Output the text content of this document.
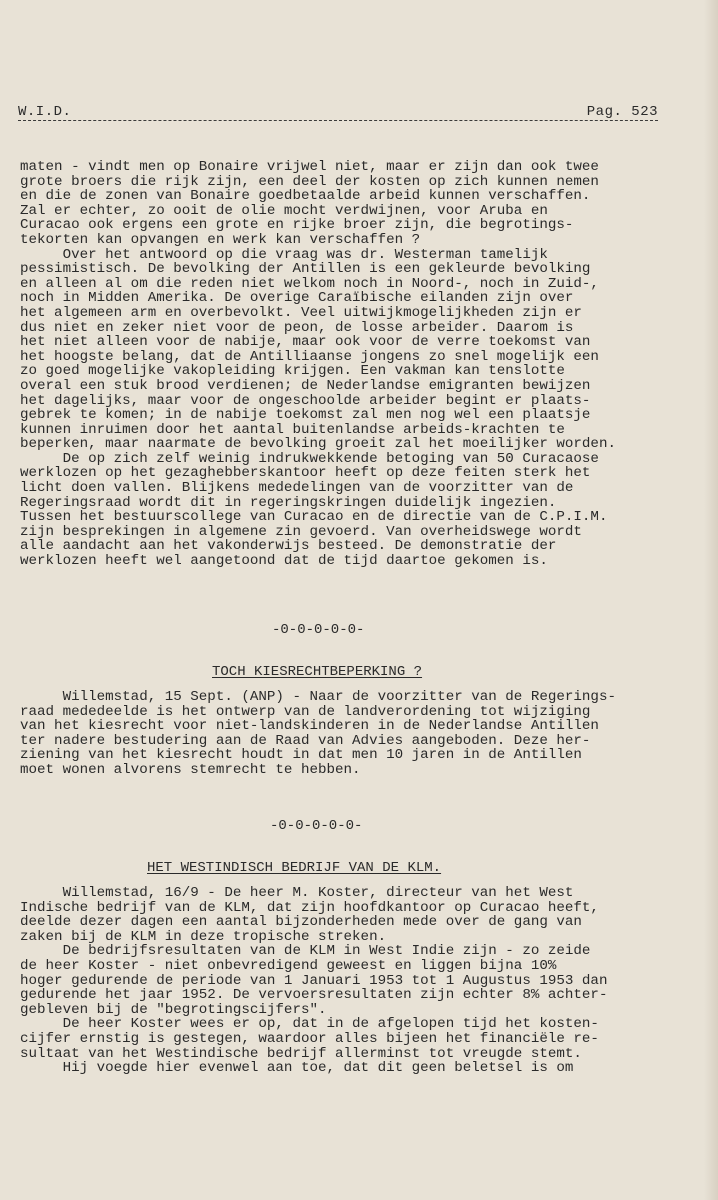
W.I.D.	Pag. 523
maten - vindt men op Bonaire vrijwel niet, maar er zijn dan ook twee
grote broers die rijk zijn, een deel der kosten op zich kunnen nemen
en die de zonen van Bonaire goedbetaalde arbeid kunnen verschaffen.
Zal er echter, zo ooit de olie mocht verdwijnen, voor Aruba en
Curacao ook ergens een grote en rijke broer zijn, die begrotings-
tekorten kan opvangen en werk kan verschaffen ?
Over het antwoord op die vraag was dr. Westerman tamelijk
pessimistisch. De bevolking der Antillen is een gekleurde bevolking
en alleen al om die reden niet welkom noch in Noord-, noch in Zuid-,
noch in Midden Amerika. De overige Caraïbische eilanden zijn over
het algemeen arm en overbevolkt. Veel uitwijkmogelijkheden zijn er
dus niet en zeker niet voor de peon, de losse arbeider. Daarom is
het niet alleen voor de nabije, maar ook voor de verre toekomst van
het hoogste belang, dat de Antilliaanse jongens zo snel mogelijk een
zo goed mogelijke vakopleiding krijgen. Een vakman kan tenslotte
overal een stuk brood verdienen; de Nederlandse emigranten bewijzen
het dagelijks, maar voor de ongeschoolde arbeider begint er plaats-
gebrek te komen; in de nabije toekomst zal men nog wel een plaatsje
kunnen inruimen door het aantal buitenlandse arbeids-krachten te
beperken, maar naarmate de bevolking groeit zal het moeilijker worden.
De op zich zelf weinig indrukwekkende betoging van 50 Curacaose
werklozen op het gezaghebberskantoor heeft op deze feiten sterk het
licht doen vallen. Blijkens mededelingen van de voorzitter van de
Regeringsraad wordt dit in regeringskringen duidelijk ingezien.
Tussen het bestuurscollege van Curacao en de directie van de C.P.I.M.
zijn besprekingen in algemene zin gevoerd. Van overheidswege wordt
alle aandacht aan het vakonderwijs besteed. De demonstratie der
werklozen heeft wel aangetoond dat de tijd daartoe gekomen is.
-0-0-0-0-0-
TOCH KIESRECHTBEPERKING ?
Willemstad, 15 Sept. (ANP) - Naar de voorzitter van de Regerings-
raad mededeelde is het ontwerp van de landverordening tot wijziging
van het kiesrecht voor niet-landskinderen in de Nederlandse Antillen
ter nadere bestudering aan de Raad van Advies aangeboden. Deze her-
ziening van het kiesrecht houdt in dat men 10 jaren in de Antillen
moet wonen alvorens stemrecht te hebben.
-0-0-0-0-0-
HET WESTINDISCH BEDRIJF VAN DE KLM.
Willemstad, 16/9 - De heer M. Koster, directeur van het West
Indische bedrijf van de KLM, dat zijn hoofdkantoor op Curacao heeft,
deelde dezer dagen een aantal bijzonderheden mede over de gang van
zaken bij de KLM in deze tropische streken.
De bedrijfsresultaten van de KLM in West Indie zijn - zo zeide
de heer Koster - niet onbevredigend geweest en liggen bijna 10%
hoger gedurende de periode van 1 Januari 1953 tot 1 Augustus 1953 dan
gedurende het jaar 1952. De vervoersresultaten zijn echter 8% achter-
gebleven bij de "begrotingscijfers".
De heer Koster wees er op, dat in de afgelopen tijd het kosten-
cijfer ernstig is gestegen, waardoor alles bijeen het financiële re-
sultaat van het Westindische bedrijf allerminst tot vreugde stemt.
Hij voegde hier evenwel aan toe, dat dit geen beletsel is om
